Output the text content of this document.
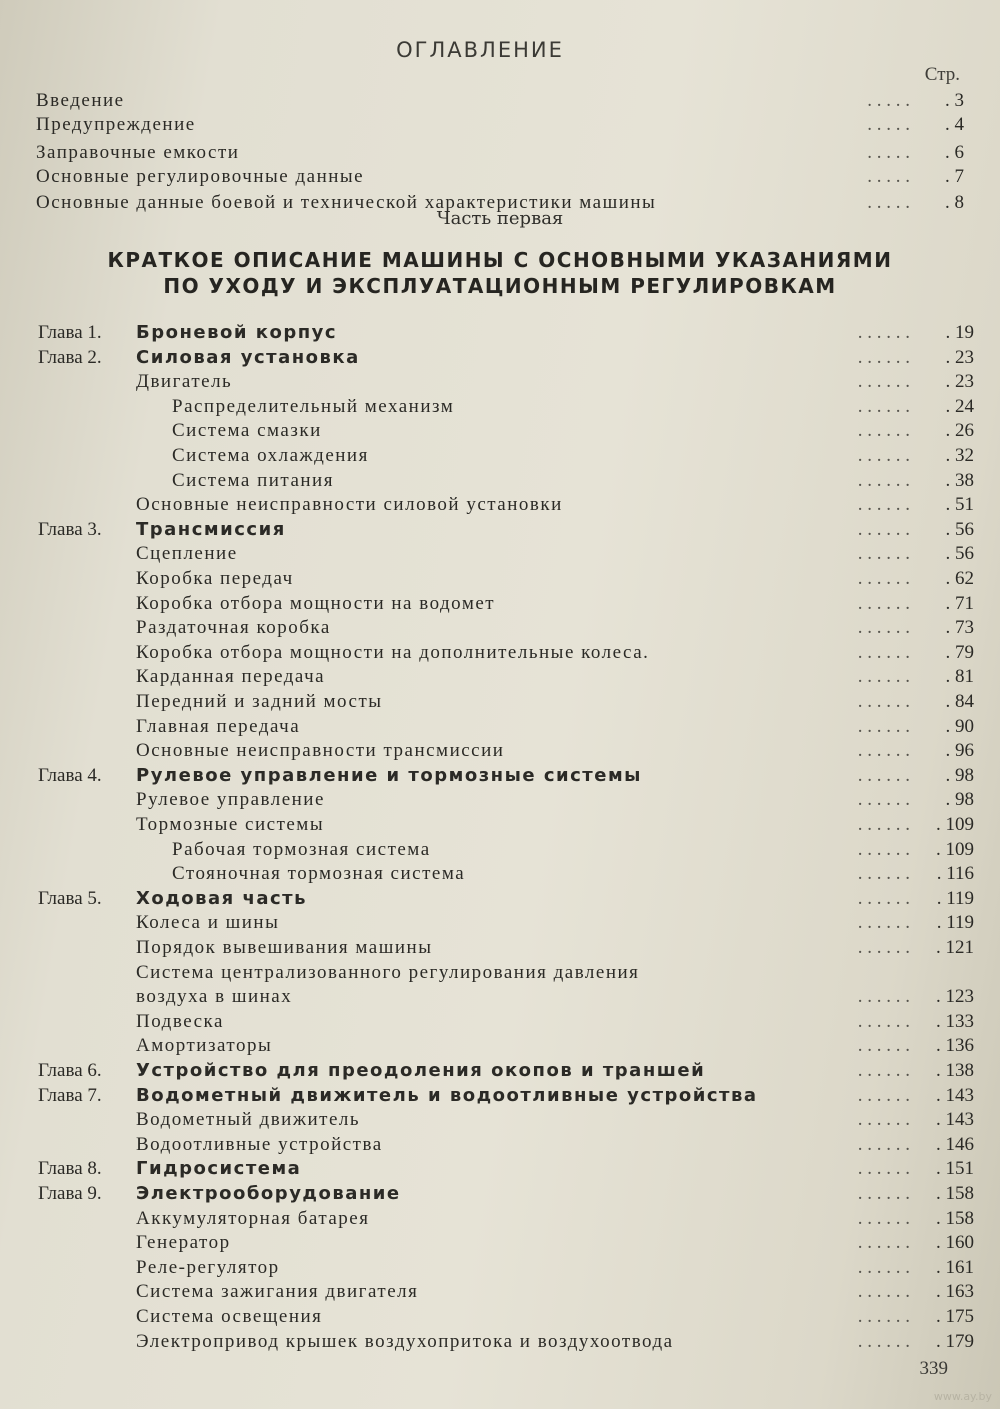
ОГЛАВЛЕНИЕ
Стр.
Введение	. . . . .	. 3
Предупреждение	. . . . .	. 4
Заправочные емкости	. . . . .	. 6
Основные регулировочные данные	. . . . .	. 7
Основные данные боевой и технической характеристики машины	. . . . .	. 8
Часть первая
КРАТКОЕ ОПИСАНИЕ МАШИНЫ С ОСНОВНЫМИ УКАЗАНИЯМИ
ПО УХОДУ И ЭКСПЛУАТАЦИОННЫМ РЕГУЛИРОВКАМ
Глава 1. Броневой корпус	. . . . . .	. 19
Глава 2. Силовая установка	. . . . . .	. 23
Двигатель	. . . . . .	. 23
Распределительный механизм	. . . . . .	. 24
Система смазки	. . . . . .	. 26
Система охлаждения	. . . . . .	. 32
Система питания	. . . . . .	. 38
Основные неисправности силовой установки	. . . . . .	. 51
Глава 3. Трансмиссия	. . . . . .	. 56
Сцепление	. . . . . .	. 56
Коробка передач	. . . . . .	. 62
Коробка отбора мощности на водомет	. . . . . .	. 71
Раздаточная коробка	. . . . . .	. 73
Коробка отбора мощности на дополнительные колеса.	. . . . . .	. 79
Карданная передача	. . . . . .	. 81
Передний и задний мосты	. . . . . .	. 84
Главная передача	. . . . . .	. 90
Основные неисправности трансмиссии	. . . . . .	. 96
Глава 4. Рулевое управление и тормозные системы	. . . . . .	. 98
Рулевое управление	. . . . . .	. 98
Тормозные системы	. . . . . .	. 109
Рабочая тормозная система	. . . . . .	. 109
Стояночная тормозная система	. . . . . .	. 116
Глава 5. Ходовая часть	. . . . . .	. 119
Колеса и шины	. . . . . .	. 119
Порядок вывешивания машины	. . . . . .	. 121
Система централизованного регулирования давления
воздуха в шинах	. . . . . .	. 123
Подвеска	. . . . . .	. 133
Амортизаторы	. . . . . .	. 136
Глава 6. Устройство для преодоления окопов и траншей	. . . . . .	. 138
Глава 7. Водометный движитель и водоотливные устройства	. . . . . .	. 143
Водометный движитель	. . . . . .	. 143
Водоотливные устройства	. . . . . .	. 146
Глава 8. Гидросистема	. . . . . .	. 151
Глава 9. Электрооборудование	. . . . . .	. 158
Аккумуляторная батарея	. . . . . .	. 158
Генератор	. . . . . .	. 160
Реле-регулятор	. . . . . .	. 161
Система зажигания двигателя	. . . . . .	. 163
Система освещения	. . . . . .	. 175
Электропривод крышек воздухопритока и воздухоотвода	. . . . . .	. 179
339
www.ay.by
